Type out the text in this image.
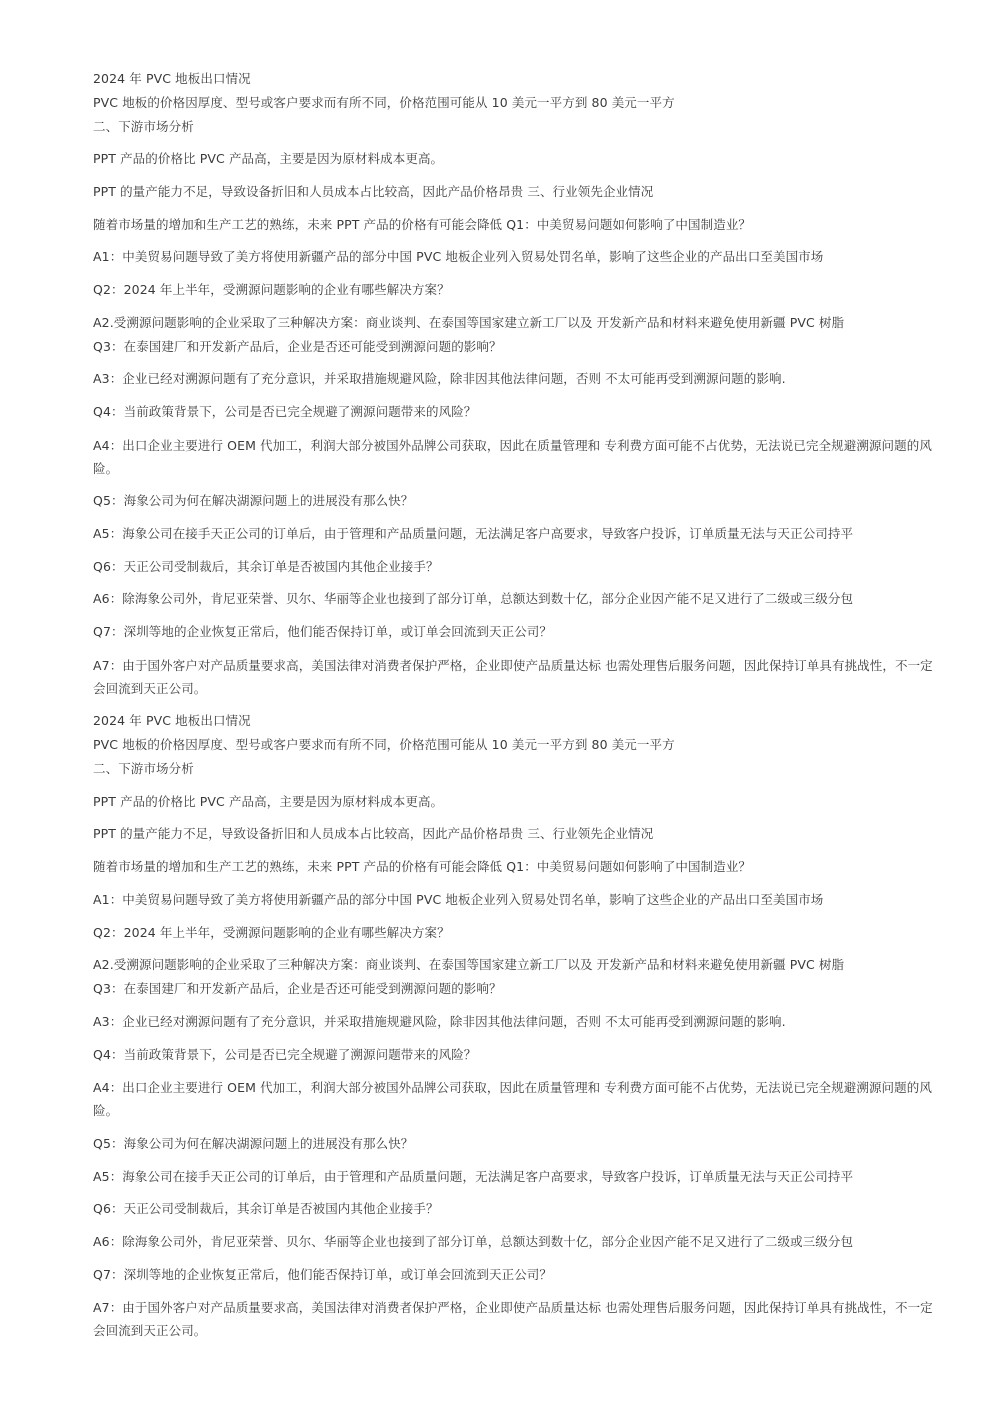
2024 年 PVC 地板出口情况
PVC 地板的价格因厚度、型号或客户要求而有所不同，价格范围可能从 10 美元一平方到 80 美元一平方
二、下游市场分析
PPT 产品的价格比 PVC 产品高，主要是因为原材料成本更高。
PPT 的量产能力不足，导致设备折旧和人员成本占比较高，因此产品价格昂贵 三、行业领先企业情况
随着市场量的增加和生产工艺的熟练，未来 PPT 产品的价格有可能会降低 Q1：中美贸易问题如何影响了中国制造业？
A1：中美贸易问题导致了美方将使用新疆产品的部分中国 PVC 地板企业列入贸易处罚名单，影响了这些企业的产品出口至美国市场
Q2：2024 年上半年，受溯源问题影响的企业有哪些解决方案？
A2.受溯源问题影响的企业采取了三种解决方案：商业谈判、在泰国等国家建立新工厂以及 开发新产品和材料来避免使用新疆 PVC 树脂
Q3：在泰国建厂和开发新产品后，企业是否还可能受到溯源问题的影响？
A3：企业已经对溯源问题有了充分意识，并采取措施规避风险，除非因其他法律问题，否则 不太可能再受到溯源问题的影响.
Q4：当前政策背景下，公司是否已完全规避了溯源问题带来的风险？
A4：出口企业主要进行 OEM 代加工，利润大部分被国外品牌公司获取，因此在质量管理和 专利费方面可能不占优势，无法说已完全规避溯源问题的风险。
Q5：海象公司为何在解决湖源问题上的进展没有那么快？
A5：海象公司在接手天正公司的订单后，由于管理和产品质量问题，无法满足客户高要求，导致客户投诉，订单质量无法与天正公司持平
Q6：天正公司受制裁后，其余订单是否被国内其他企业接手？
A6：除海象公司外，肯尼亚荣誉、贝尔、华丽等企业也接到了部分订单，总额达到数十亿，部分企业因产能不足又进行了二级或三级分包
Q7：深圳等地的企业恢复正常后，他们能否保持订单，或订单会回流到天正公司？
A7：由于国外客户对产品质量要求高，美国法律对消费者保护严格，企业即使产品质量达标 也需处理售后服务问题，因此保持订单具有挑战性，不一定会回流到天正公司。
2024 年 PVC 地板出口情况
PVC 地板的价格因厚度、型号或客户要求而有所不同，价格范围可能从 10 美元一平方到 80 美元一平方
二、下游市场分析
PPT 产品的价格比 PVC 产品高，主要是因为原材料成本更高。
PPT 的量产能力不足，导致设备折旧和人员成本占比较高，因此产品价格昂贵 三、行业领先企业情况
随着市场量的增加和生产工艺的熟练，未来 PPT 产品的价格有可能会降低 Q1：中美贸易问题如何影响了中国制造业？
A1：中美贸易问题导致了美方将使用新疆产品的部分中国 PVC 地板企业列入贸易处罚名单，影响了这些企业的产品出口至美国市场
Q2：2024 年上半年，受溯源问题影响的企业有哪些解决方案？
A2.受溯源问题影响的企业采取了三种解决方案：商业谈判、在泰国等国家建立新工厂以及 开发新产品和材料来避免使用新疆 PVC 树脂
Q3：在泰国建厂和开发新产品后，企业是否还可能受到溯源问题的影响？
A3：企业已经对溯源问题有了充分意识，并采取措施规避风险，除非因其他法律问题，否则 不太可能再受到溯源问题的影响.
Q4：当前政策背景下，公司是否已完全规避了溯源问题带来的风险？
A4：出口企业主要进行 OEM 代加工，利润大部分被国外品牌公司获取，因此在质量管理和 专利费方面可能不占优势，无法说已完全规避溯源问题的风险。
Q5：海象公司为何在解决湖源问题上的进展没有那么快？
A5：海象公司在接手天正公司的订单后，由于管理和产品质量问题，无法满足客户高要求，导致客户投诉，订单质量无法与天正公司持平
Q6：天正公司受制裁后，其余订单是否被国内其他企业接手？
A6：除海象公司外，肯尼亚荣誉、贝尔、华丽等企业也接到了部分订单，总额达到数十亿，部分企业因产能不足又进行了二级或三级分包
Q7：深圳等地的企业恢复正常后，他们能否保持订单，或订单会回流到天正公司？
A7：由于国外客户对产品质量要求高，美国法律对消费者保护严格，企业即使产品质量达标 也需处理售后服务问题，因此保持订单具有挑战性，不一定会回流到天正公司。
